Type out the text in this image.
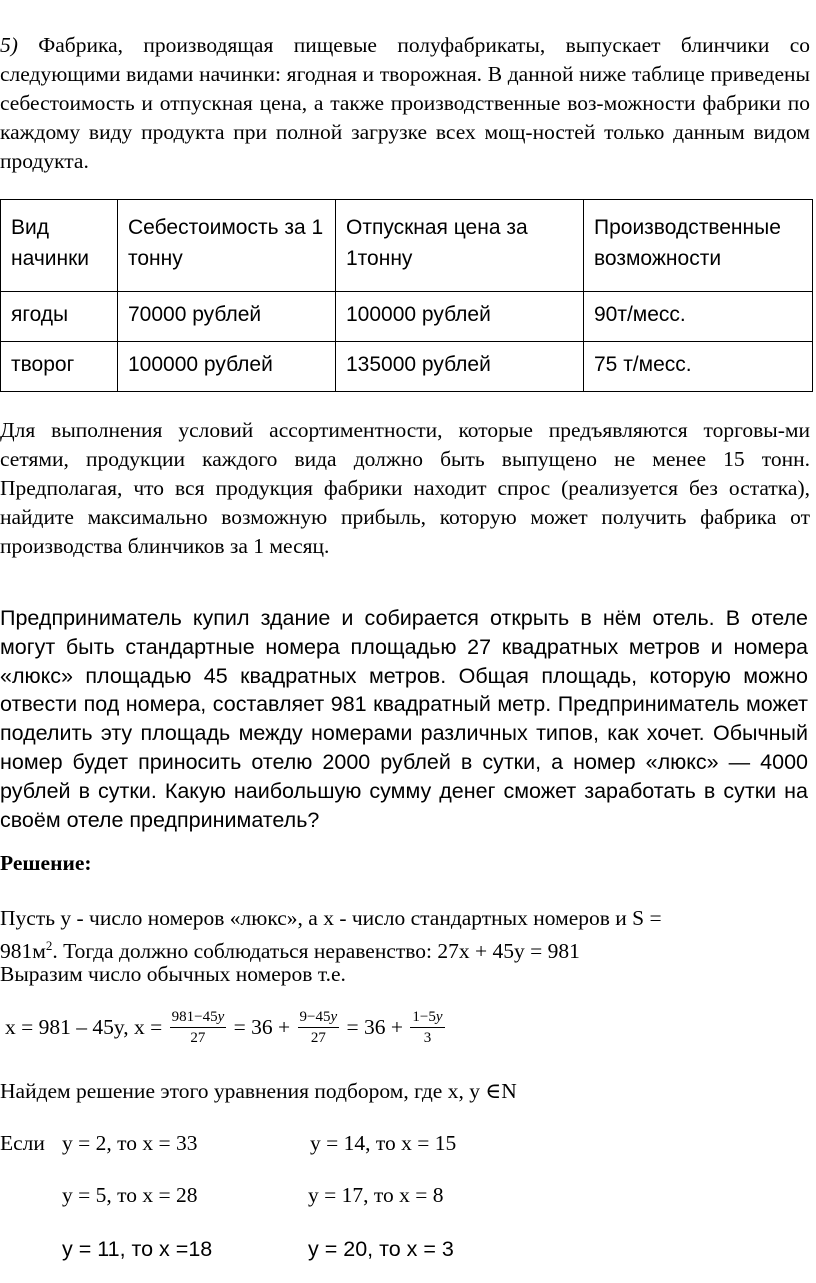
5) Фабрика, производящая пищевые полуфабрикаты, выпускает блинчики со следующими видами начинки: ягодная и творожная. В данной ниже таблице приведены себестоимость и отпускная цена, а также производственные воз-можности фабрики по каждому виду продукта при полной загрузке всех мощ-ностей только данным видом продукта.

Вид начинки	Себестоимость за 1 тонну	Отпускная цена за 1тонну	Производственные возможности
ягоды	70000 рублей	100000 рублей	90т/месс.
творог	100000 рублей	135000 рублей	75 т/месс.

Для выполнения условий ассортиментности, которые предъявляются торговы-ми сетями, продукции каждого вида должно быть выпущено не менее 15 тонн. Предполагая, что вся продукция фабрики находит спрос (реализуется без остатка), найдите максимально возможную прибыль, которую может получить фабрика от производства блинчиков за 1 месяц.

Предприниматель купил здание и собирается открыть в нём отель. В отеле могут быть стандартные номера площадью 27 квадратных метров и номера «люкс» площадью 45 квадратных метров. Общая площадь, которую можно отвести под номера, составляет 981 квадратный метр. Предприниматель может поделить эту площадь между номерами различных типов, как хочет. Обычный номер будет приносить отелю 2000 рублей в сутки, а номер «люкс» — 4000 рублей в сутки. Какую наибольшую сумму денег сможет заработать в сутки на своём отеле предприниматель?

Решение:

Пусть y - число номеров «люкс», а x - число стандартных номеров и S =

$981м^2$. Тогда должно соблюдаться неравенство: 27x + 45y = 981

Выразим число обычных номеров т.е.

x = 981 – 45y, $x = \frac{981-45y}{27} = 36 + \frac{9-45y}{27} = 36 + \frac{1-5y}{3}$

Найдем решение этого уравнения подбором, где x, y ∈N

Если y = 2, то x = 33	y = 14, то x = 15

y = 5, то x = 28	y = 17, то x = 8

y = 11, то x =18	y = 20, то x = 3
